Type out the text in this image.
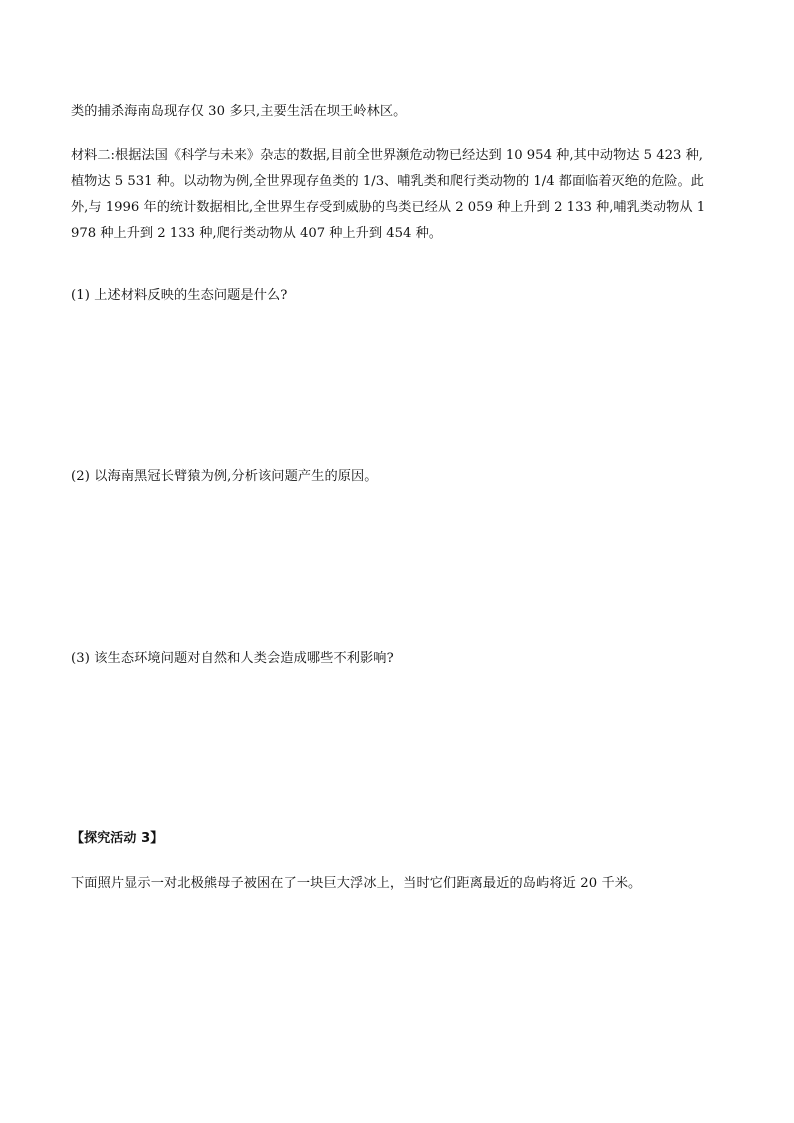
类的捕杀海南岛现存仅 30 多只,主要生活在坝王岭林区。
材料二:根据法国《科学与未来》杂志的数据,目前全世界濒危动物已经达到 10 954 种,其中动物达 5 423 种,
植物达 5 531 种。以动物为例,全世界现存鱼类的 1/3、哺乳类和爬行类动物的 1/4 都面临着灭绝的危险。此
外,与 1996 年的统计数据相比,全世界生存受到威胁的鸟类已经从 2 059 种上升到 2 133 种,哺乳类动物从 1
978 种上升到 2 133 种,爬行类动物从 407 种上升到 454 种。
(1) 上述材料反映的生态问题是什么?
(2) 以海南黑冠长臂猿为例,分析该问题产生的原因。
(3) 该生态环境问题对自然和人类会造成哪些不利影响?
【探究活动 3】
下面照片显示一对北极熊母子被困在了一块巨大浮冰上，当时它们距离最近的岛屿将近 20 千米。
